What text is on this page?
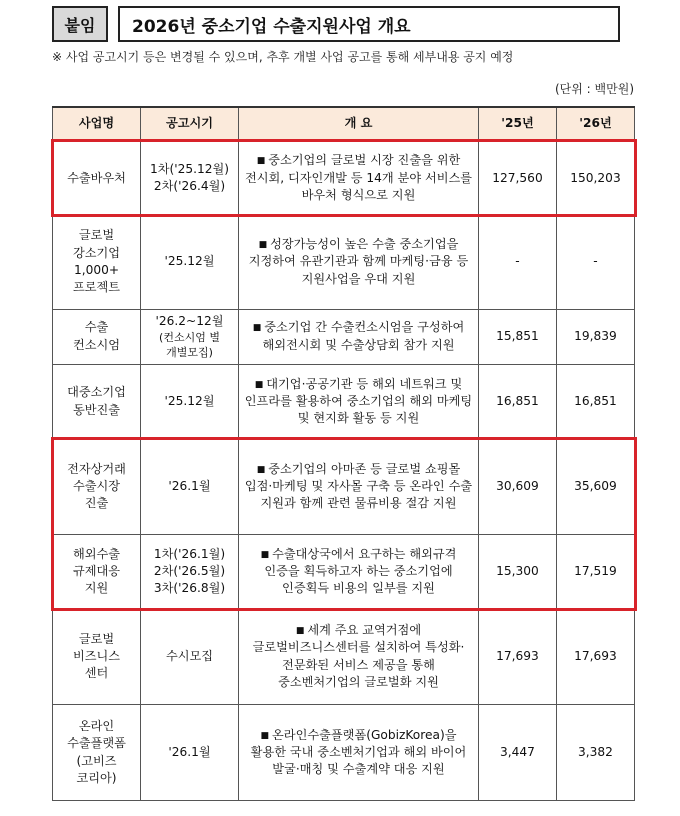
붙임	2026년 중소기업 수출지원사업 개요
※ 사업 공고시기 등은 변경될 수 있으며, 추후 개별 사업 공고를 통해 세부내용 공지 예정
(단위 : 백만원)
사업명	공고시기	개 요	'25년	'26년

수출바우처	1차('25.12월)
2차('26.4월)	■ 중소기업의 글로벌 시장 진출을 위한 전시회, 디자인개발 등 14개 분야 서비스를 바우처 형식으로 지원	127,560	150,203

글로벌
강소기업
1,000+
프로젝트	'25.12월	■ 성장가능성이 높은 수출 중소기업을 지정하여 유관기관과 함께 마케팅·금융 등 지원사업을 우대 지원	-	-

수출
컨소시엄	'26.2~12월
(컨소시엄 별
개별모집)	■ 중소기업 간 수출컨소시엄을 구성하여 해외전시회 및 수출상담회 참가 지원	15,851	19,839

대중소기업
동반진출	'25.12월	■ 대기업·공공기관 등 해외 네트워크 및 인프라를 활용하여 중소기업의 해외 마케팅 및 현지화 활동 등 지원	16,851	16,851

전자상거래
수출시장
진출	'26.1월	■ 중소기업의 아마존 등 글로벌 쇼핑몰 입점·마케팅 및 자사몰 구축 등 온라인 수출 지원과 함께 관련 물류비용 절감 지원	30,609	35,609

해외수출
규제대응
지원	1차('26.1월)
2차('26.5월)
3차('26.8월)	■ 수출대상국에서 요구하는 해외규격 인증을 획득하고자 하는 중소기업에 인증획득 비용의 일부를 지원	15,300	17,519

글로벌
비즈니스
센터	수시모집	■ 세계 주요 교역거점에 글로벌비즈니스센터를 설치하여 특성화·전문화된 서비스 제공을 통해 중소벤처기업의 글로벌화 지원	17,693	17,693

온라인
수출플랫폼
(고비즈
코리아)	'26.1월	■ 온라인수출플랫폼(GobizKorea)을 활용한 국내 중소벤처기업과 해외 바이어 발굴·매칭 및 수출계약 대응 지원	3,447	3,382
